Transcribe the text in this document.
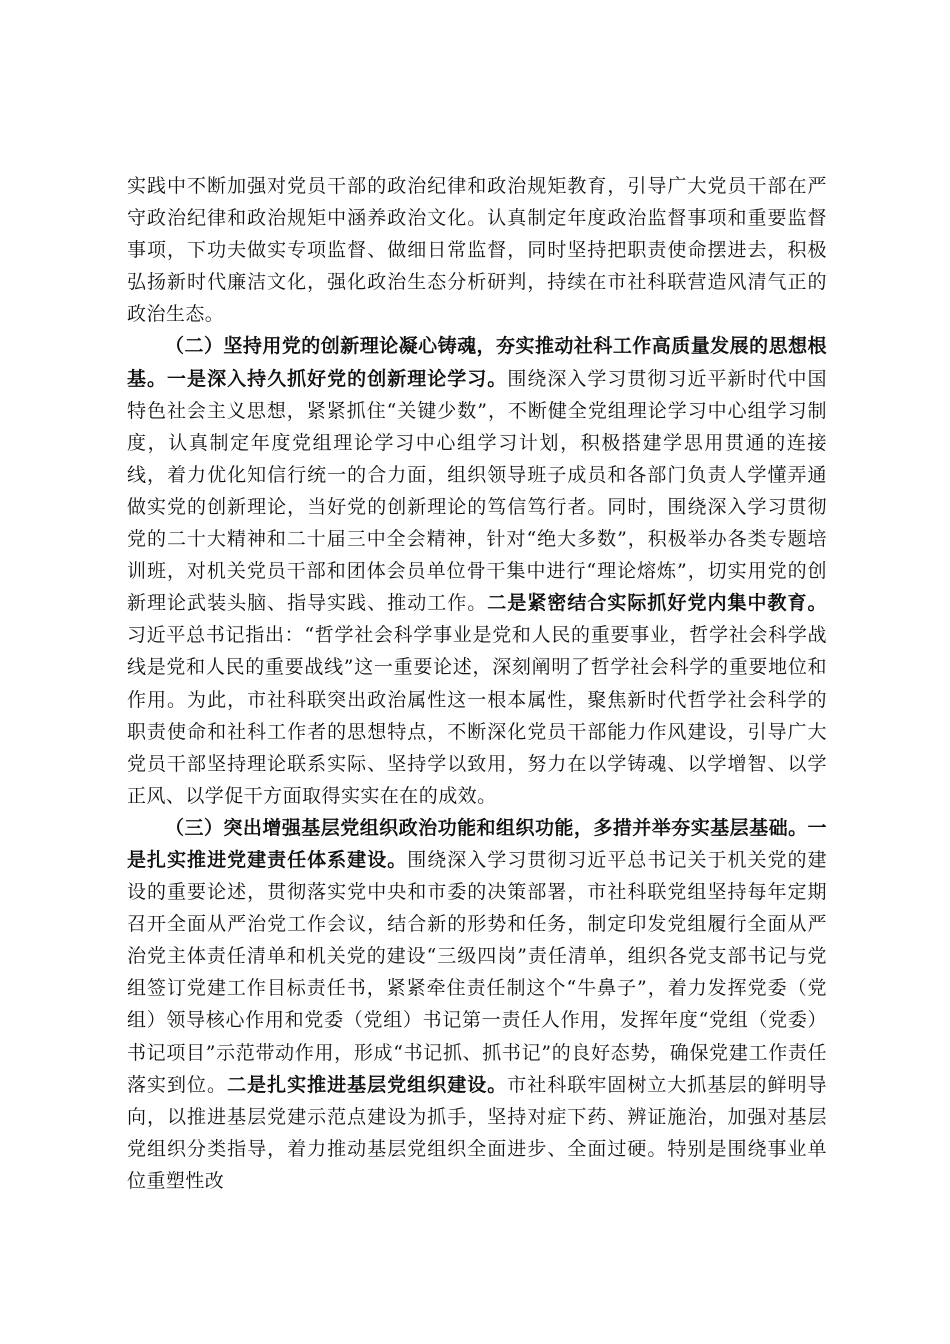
实践中不断加强对党员干部的政治纪律和政治规矩教育，引导广大党员干部在严守政治纪律和政治规矩中涵养政治文化。认真制定年度政治监督事项和重要监督事项，下功夫做实专项监督、做细日常监督，同时坚持把职责使命摆进去，积极弘扬新时代廉洁文化，强化政治生态分析研判，持续在市社科联营造风清气正的政治生态。

（二）坚持用党的创新理论凝心铸魂，夯实推动社科工作高质量发展的思想根基。一是深入持久抓好党的创新理论学习。围绕深入学习贯彻习近平新时代中国特色社会主义思想，紧紧抓住“关键少数”，不断健全党组理论学习中心组学习制度，认真制定年度党组理论学习中心组学习计划，积极搭建学思用贯通的连接线，着力优化知信行统一的合力面，组织领导班子成员和各部门负责人学懂弄通做实党的创新理论，当好党的创新理论的笃信笃行者。同时，围绕深入学习贯彻党的二十大精神和二十届三中全会精神，针对“绝大多数”，积极举办各类专题培训班，对机关党员干部和团体会员单位骨干集中进行“理论熔炼”，切实用党的创新理论武装头脑、指导实践、推动工作。二是紧密结合实际抓好党内集中教育。习近平总书记指出：“哲学社会科学事业是党和人民的重要事业，哲学社会科学战线是党和人民的重要战线”这一重要论述，深刻阐明了哲学社会科学的重要地位和作用。为此，市社科联突出政治属性这一根本属性，聚焦新时代哲学社会科学的职责使命和社科工作者的思想特点，不断深化党员干部能力作风建设，引导广大党员干部坚持理论联系实际、坚持学以致用，努力在以学铸魂、以学增智、以学正风、以学促干方面取得实实在在的成效。

（三）突出增强基层党组织政治功能和组织功能，多措并举夯实基层基础。一是扎实推进党建责任体系建设。围绕深入学习贯彻习近平总书记关于机关党的建设的重要论述，贯彻落实党中央和市委的决策部署，市社科联党组坚持每年定期召开全面从严治党工作会议，结合新的形势和任务，制定印发党组履行全面从严治党主体责任清单和机关党的建设“三级四岗”责任清单，组织各党支部书记与党组签订党建工作目标责任书，紧紧牵住责任制这个“牛鼻子”，着力发挥党委（党组）领导核心作用和党委（党组）书记第一责任人作用，发挥年度“党组（党委）书记项目”示范带动作用，形成“书记抓、抓书记”的良好态势，确保党建工作责任落实到位。二是扎实推进基层党组织建设。市社科联牢固树立大抓基层的鲜明导向，以推进基层党建示范点建设为抓手，坚持对症下药、辨证施治，加强对基层党组织分类指导，着力推动基层党组织全面进步、全面过硬。特别是围绕事业单位重塑性改
